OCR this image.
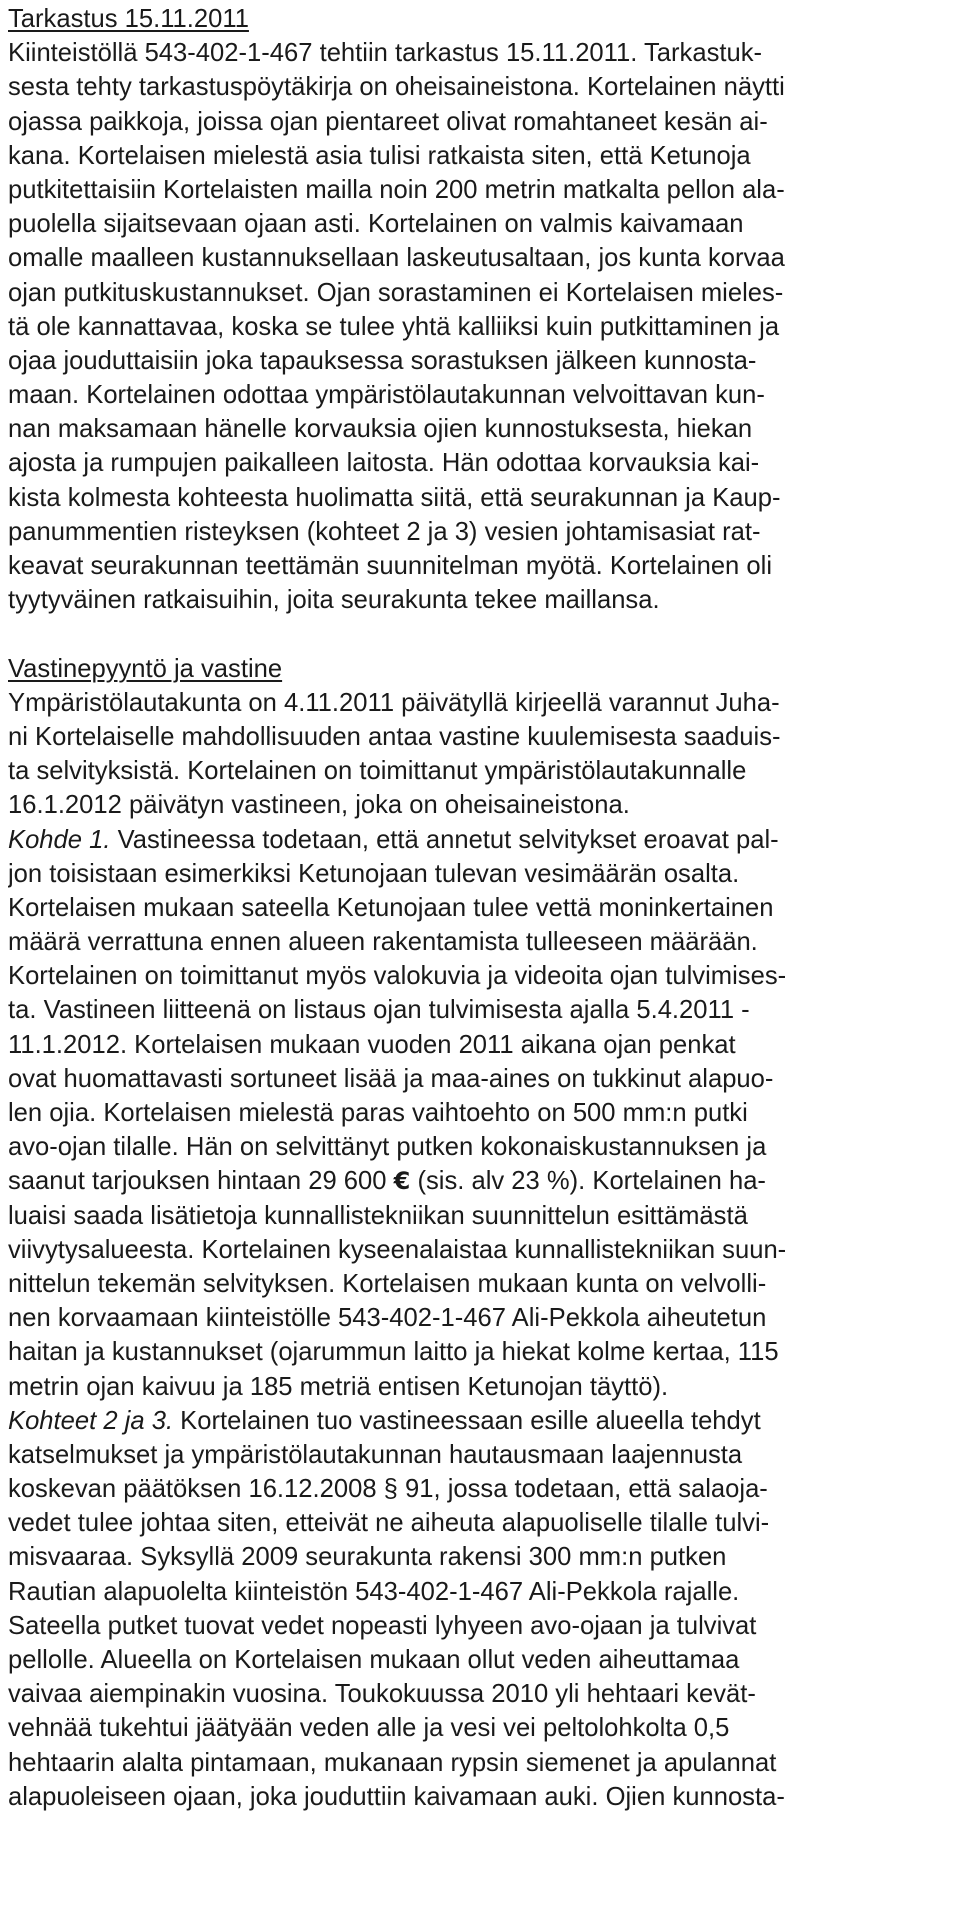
Tarkastus 15.11.2011
Kiinteistöllä 543-402-1-467 tehtiin tarkastus 15.11.2011. Tarkastuk-
sesta tehty tarkastuspöytäkirja on oheisaineistona. Kortelainen näytti
ojassa paikkoja, joissa ojan pientareet olivat romahtaneet kesän ai-
kana. Kortelaisen mielestä asia tulisi ratkaista siten, että Ketunoja
putkitettaisiin Kortelaisten mailla noin 200 metrin matkalta pellon ala-
puolella sijaitsevaan ojaan asti. Kortelainen on valmis kaivamaan
omalle maalleen kustannuksellaan laskeutusaltaan, jos kunta korvaa
ojan putkituskustannukset. Ojan sorastaminen ei Kortelaisen mieles-
tä ole kannattavaa, koska se tulee yhtä kalliiksi kuin putkittaminen ja
ojaa jouduttaisiin joka tapauksessa sorastuksen jälkeen kunnosta-
maan. Kortelainen odottaa ympäristölautakunnan velvoittavan kun-
nan maksamaan hänelle korvauksia ojien kunnostuksesta, hiekan
ajosta ja rumpujen paikalleen laitosta. Hän odottaa korvauksia kai-
kista kolmesta kohteesta huolimatta siitä, että seurakunnan ja Kaup-
panummentien risteyksen (kohteet 2 ja 3) vesien johtamisasiat rat-
keavat seurakunnan teettämän suunnitelman myötä. Kortelainen oli
tyytyväinen ratkaisuihin, joita seurakunta tekee maillansa.
Vastinepyyntö ja vastine
Ympäristölautakunta on 4.11.2011 päivätyllä kirjeellä varannut Juha-
ni Kortelaiselle mahdollisuuden antaa vastine kuulemisesta saaduis-
ta selvityksistä. Kortelainen on toimittanut ympäristölautakunnalle
16.1.2012 päivätyn vastineen, joka on oheisaineistona.
Kohde 1. Vastineessa todetaan, että annetut selvitykset eroavat pal-
jon toisistaan esimerkiksi Ketunojaan tulevan vesimäärän osalta.
Kortelaisen mukaan sateella Ketunojaan tulee vettä moninkertainen
määrä verrattuna ennen alueen rakentamista tulleeseen määrään.
Kortelainen on toimittanut myös valokuvia ja videoita ojan tulvimises-
ta. Vastineen liitteenä on listaus ojan tulvimisesta ajalla 5.4.2011 -
11.1.2012. Kortelaisen mukaan vuoden 2011 aikana ojan penkat
ovat huomattavasti sortuneet lisää ja maa-aines on tukkinut alapuo-
len ojia. Kortelaisen mielestä paras vaihtoehto on 500 mm:n putki
avo-ojan tilalle. Hän on selvittänyt putken kokonaiskustannuksen ja
saanut tarjouksen hintaan 29 600 € (sis. alv 23 %). Kortelainen ha-
luaisi saada lisätietoja kunnallistekniikan suunnittelun esittämästä
viivytysalueesta. Kortelainen kyseenalaistaa kunnallistekniikan suun-
nittelun tekemän selvityksen. Kortelaisen mukaan kunta on velvolli-
nen korvaamaan kiinteistölle 543-402-1-467 Ali-Pekkola aiheutetun
haitan ja kustannukset (ojarummun laitto ja hiekat kolme kertaa, 115
metrin ojan kaivuu ja 185 metriä entisen Ketunojan täyttö).
Kohteet 2 ja 3. Kortelainen tuo vastineessaan esille alueella tehdyt
katselmukset ja ympäristölautakunnan hautausmaan laajennusta
koskevan päätöksen 16.12.2008 § 91, jossa todetaan, että salaoja-
vedet tulee johtaa siten, etteivät ne aiheuta alapuoliselle tilalle tulvi-
misvaaraa. Syksyllä 2009 seurakunta rakensi 300 mm:n putken
Rautian alapuolelta kiinteistön 543-402-1-467 Ali-Pekkola rajalle.
Sateella putket tuovat vedet nopeasti lyhyeen avo-ojaan ja tulvivat
pellolle. Alueella on Kortelaisen mukaan ollut veden aiheuttamaa
vaivaa aiempinakin vuosina. Toukokuussa 2010 yli hehtaari kevät-
vehnää tukehtui jäätyään veden alle ja vesi vei peltolohkolta 0,5
hehtaarin alalta pintamaan, mukanaan rypsin siemenet ja apulannat
alapuoleiseen ojaan, joka jouduttiin kaivamaan auki. Ojien kunnosta-
